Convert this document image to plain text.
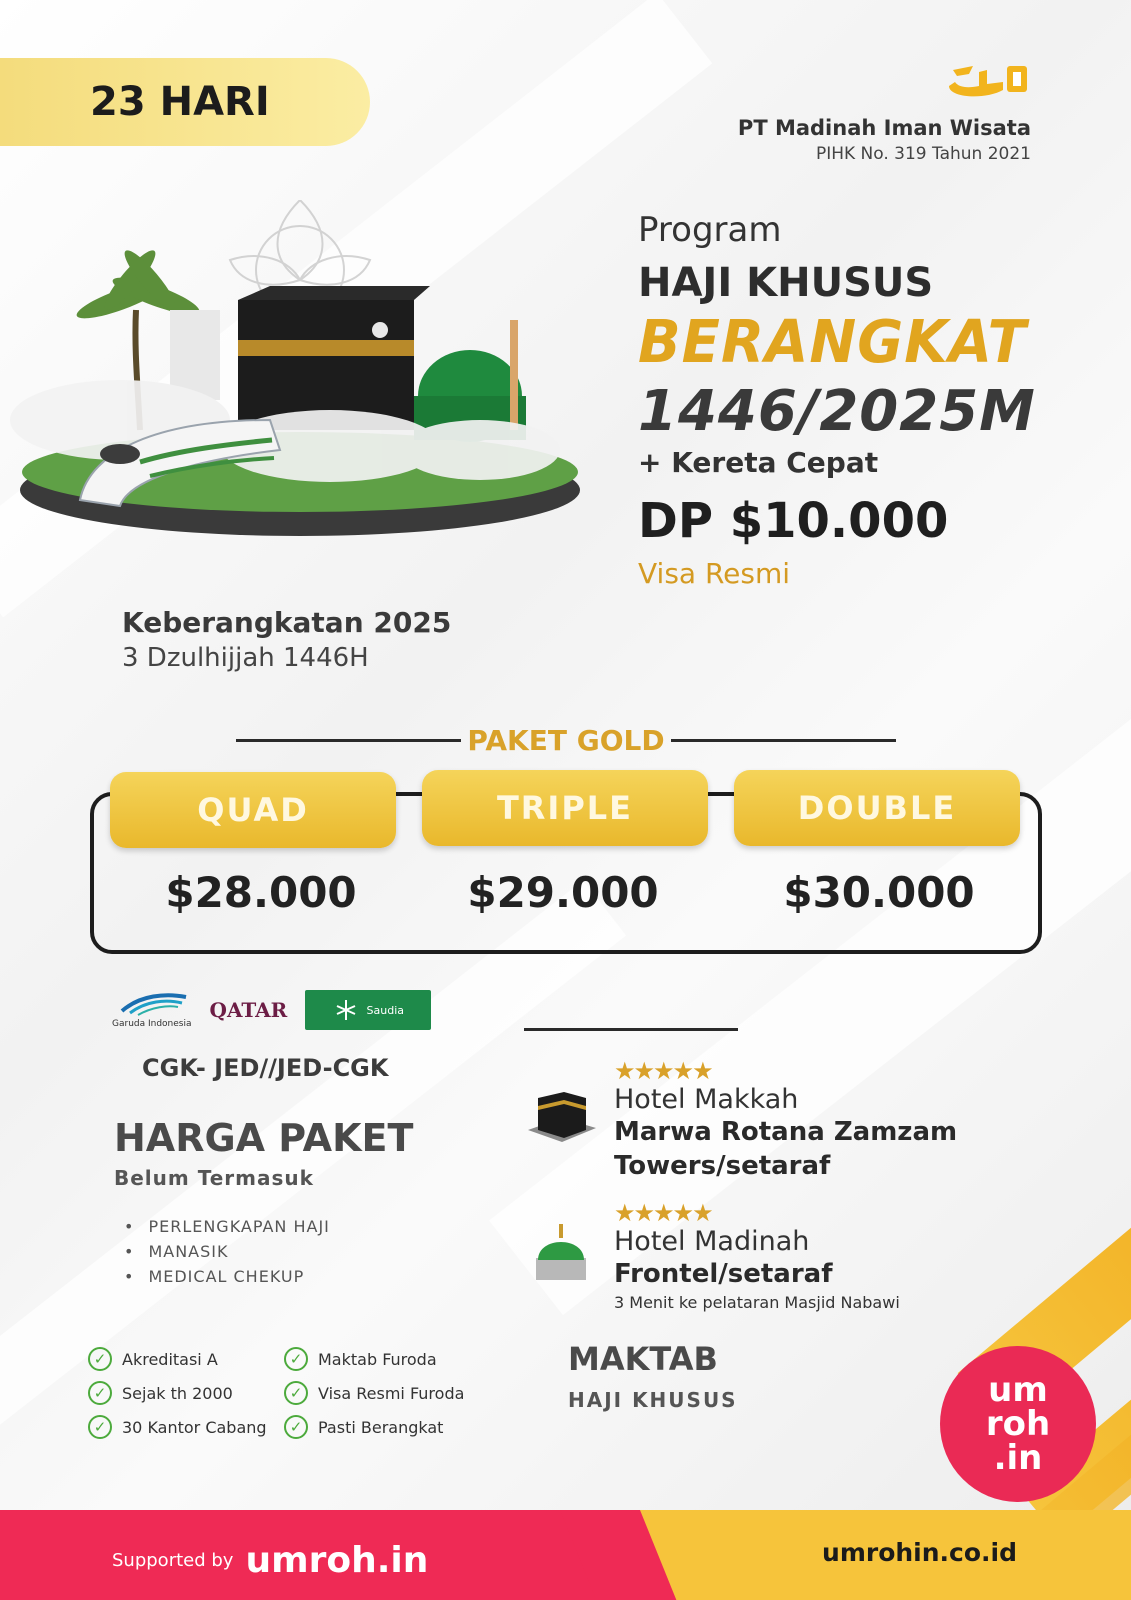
23 HARI
PT Madinah Iman Wisata
PIHK No. 319 Tahun 2021
Program
HAJI KHUSUS
BERANGKAT
1446/2025M
+ Kereta Cepat
DP $10.000
Visa Resmi
Keberangkatan 2025
3 Dzulhijjah 1446H
PAKET GOLD
QUAD	TRIPLE	DOUBLE
$28.000	$29.000	$30.000
Garuda Indonesia
QATAR	Saudia
CGK- JED//JED-CGK
HARGA PAKET
Belum Termasuk
• PERLENGKAPAN HAJI
• MANASIK
• MEDICAL CHEKUP
✓ Akreditasi A	✓ Maktab Furoda
✓ Sejak th 2000	✓ Visa Resmi Furoda
✓ 30 Kantor Cabang	✓ Pasti Berangkat
★★★★★
Hotel Makkah
Marwa Rotana Zamzam Towers/setaraf
★★★★★
Hotel Madinah
Frontel/setaraf
3 Menit ke pelataran Masjid Nabawi
MAKTAB
HAJI KHUSUS	um
roh
.in
Supported by umroh.in	umrohin.co.id
